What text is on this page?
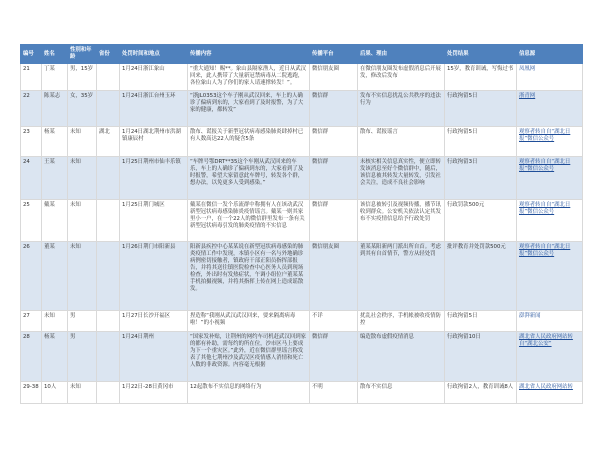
编号	姓名	性别和年龄	省份	处罚时间和地点	传播内容	传播平台	后果、理由	处罚结果	信息源
21	丁某	男，15岁		1月24日浙江象山	“重大通知！赐**。象山县隔家渔人，近日从武汉回来，此人携带了大量新冠禁病毒从二院逃跑，各位象山人为了你们的家人请速撑转发！”。	微信朋友圈	在微信朋友圈发布虚假消息后开展发，修改后发布	15岁，教育训诫，写悔过书	凤凰网
22	陈某志	女，35岁		1月24日浙江台州玉环	“浙JL0353这个车子刚从武汉回来，车上的人确诊了偏病到东的，大家看到了及时报警，为了大家的健康，都转发”	微信群	发布不实信息扰乱公共秩序的违法行为	行政拘留5日	浙青网
23	杨某	未知	湖北	1月24日湖北荆州市洪湖镇康辰村	散布、谎报关于新型冠状病毒感染肺炎肆掉村已有人数高达22人的疑含5条	微信群	散布、谎报谣言	行政拘留5日	观察者转自自“湖北日报”微信公众号
24	王某	未知		1月25日荆州市仙丰乐镇	“车牌号鄂DRT**35这个车刚从武汉回来的车乐，车上的人确诊了偏病到东的，大家看到了及时报警，希望大家留意此车牌号，转发各个群，想办法，以免更多人受到感染。”	微信群	未核实相关信息真实性，便立即转发该消息至好个微信群中，随后，该信息被其转发大量转发，引发社会关注，造成不良社会影响	行政拘留3日	观察者转自自“湖北日报”微信公众号
25	戴某	未知		1月25日荆门城区	戴某在微信一发个乐流群中称拥有人在该动武汉新型冠状病毒感染肺炎疫情谣言。戴某一则其家里小一户，在一个22人的微信群里发布一条有关新型冠状病毒引发的肺炎疫情的不实信息	微信群	该信息被转引及视频传播，播节讯收到群众。公安机关依法认定其发布不实疫情信息给予行政处罚	行政罚款500元	观察者转自自“湖北日报”微信公众号
26	董某	未知		1月26日荆门市阳新县	阳新县疾控中心某某说在新型冠状病毒感染的肺炎疫情工作中发现，本镇小区有一名与外地确诊病例密切接触者，镇政府干部正阳员指挥部报告，并将其送往镇医院检查中心医务人员到现场检查，外出时有发热症状，午调小组位户董某某手机拍摄视频，并将其指挥上传在网上造成谣散发。	微信朋友圈	董某某阳新两门派出所自首。考虑到其有自首情节，警方从轻处罚	批评教育并处罚款500元	观察者转自自“湖北日报”微信公众号
27	未知	男		1月27日长沙开福区	捏造称“我刚从武汉武汉回来，要来隔离病毒啦！”的小视频	不详	扰乱社会秩序，手机帐被收疫情防控	行政拘留5日	澎湃新闻
28	杨某	男		1月24日荆州	“国家发补贴，让荆州的网约车司机赶武汉回到家的都有补助，需每约的所在位，沙市区马上要成为下一个重灾区。”此外，近在微信群里谣言称发表了其他七荆州沙及武汉区疫情感人消情和死亡人数的非政资源。内容毫无根据	微信群	编造散布虚假疫情消息	行政拘留10日	湖北省人民政府网站转自“湖北公安”
29-38	10人	未知		1月22日-28日黄冈市	12起散布不实信息的网络行为	不明	散布不实信息	行政拘留2人，教育训诫8人	湖北省人民政府网站转
